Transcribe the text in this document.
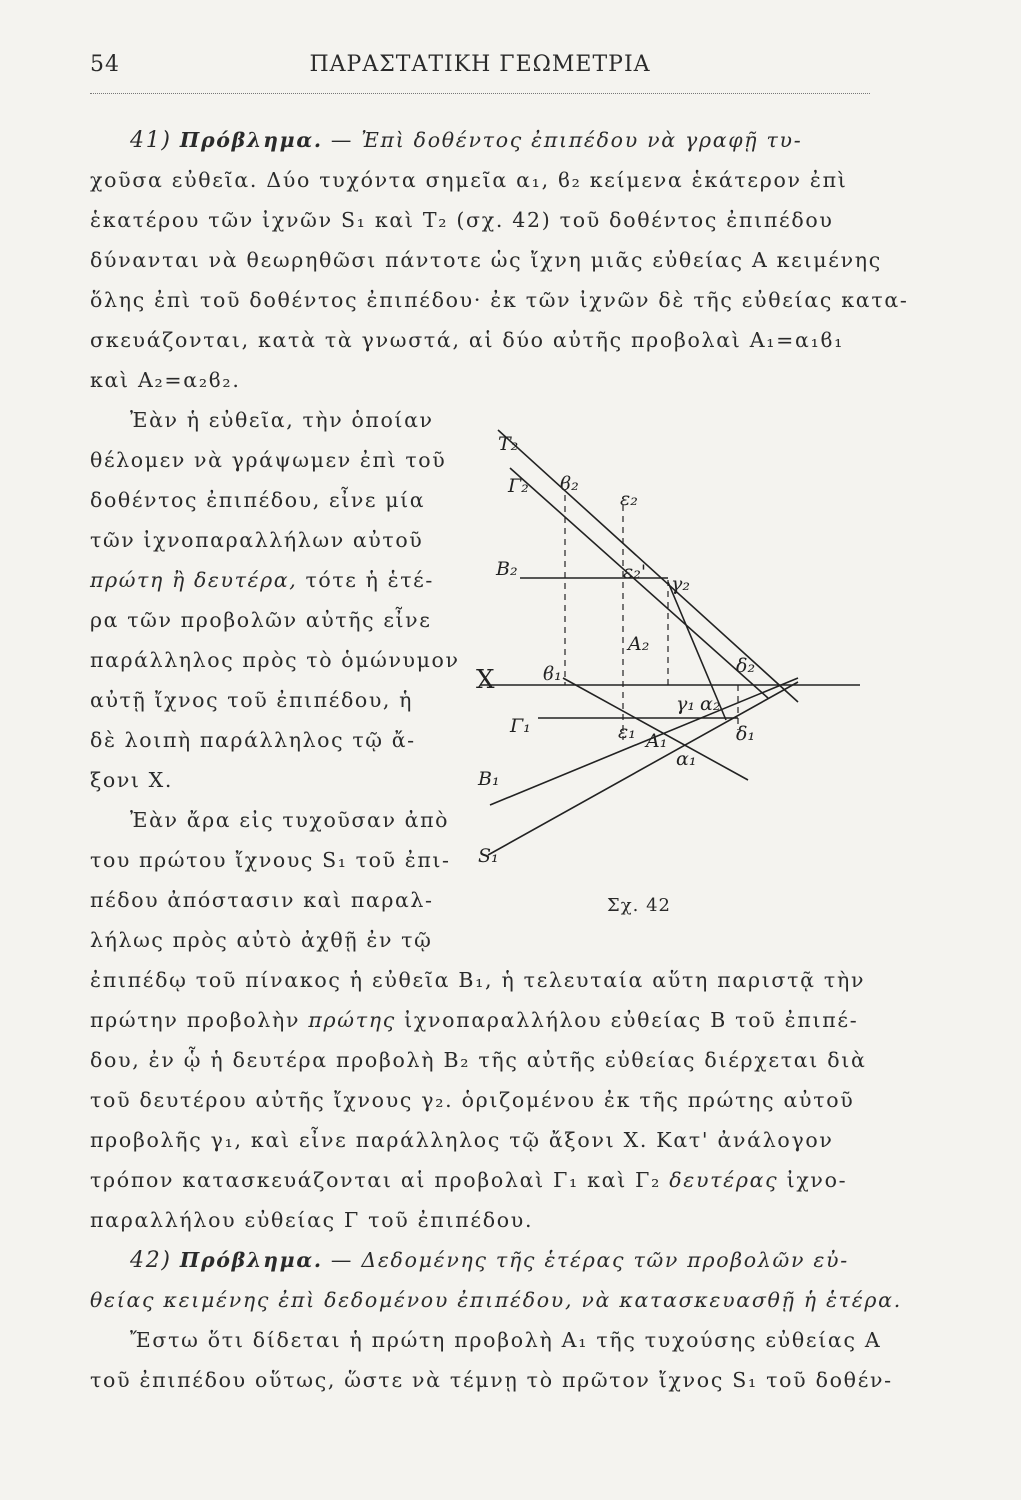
54	ΠΑΡΑΣΤΑΤΙΚΗ ΓΕΩΜΕΤΡΙΑ
41) Πρόβλημα. — Ἐπὶ δοθέντος ἐπιπέδου νὰ γραφῇ τυ-
χοῦσα εὐθεῖα. Δύο τυχόντα σημεῖα α₁, ϐ₂ κείμενα ἑκάτερον ἐπὶ
ἑκατέρου τῶν ἰχνῶν S₁ καὶ T₂ (σχ. 42) τοῦ δοθέντος ἐπιπέδου
δύνανται νὰ θεωρηθῶσι πάντοτε ὡς ἴχνη μιᾶς εὐθείας A κειμένης
ὅλης ἐπὶ τοῦ δοθέντος ἐπιπέδου· ἐκ τῶν ἰχνῶν δὲ τῆς εὐθείας κατα-
σκευάζονται, κατὰ τὰ γνωστά, αἱ δύο αὐτῆς προβολαὶ A₁=α₁ϐ₁
καὶ A₂=α₂ϐ₂.
Ἐὰν ἡ εὐθεῖα, τὴν ὁποίαν
θέλομεν νὰ γράψωμεν ἐπὶ τοῦ
δοθέντος ἐπιπέδου, εἶνε μία
τῶν ἰχνοπαραλλήλων αὐτοῦ
πρώτη ἢ δευτέρα, τότε ἡ ἑτέ-
ρα τῶν προβολῶν αὐτῆς εἶνε
παράλληλος πρὸς τὸ ὁμώνυμον
αὐτῇ ἴχνος τοῦ ἐπιπέδου, ἡ
δὲ λοιπὴ παράλληλος τῷ ἄ-
ξονι X.
Ἐὰν ἄρα εἰς τυχοῦσαν ἀπὸ
του πρώτου ἴχνους S₁ τοῦ ἐπι-
πέδου ἀπόστασιν καὶ παραλ-
λήλως πρὸς αὐτὸ ἀχθῇ ἐν τῷ
ἐπιπέδῳ τοῦ πίνακος ἡ εὐθεῖα B₁, ἡ τελευταία αὕτη παριστᾷ τὴν
πρώτην προβολὴν πρώτης ἰχνοπαραλλήλου εὐθείας B τοῦ ἐπιπέ-
δου, ἐν ᾧ ἡ δευτέρα προβολὴ B₂ τῆς αὐτῆς εὐθείας διέρχεται διὰ
τοῦ δευτέρου αὐτῆς ἴχνους γ₂. ὁριζομένου ἐκ τῆς πρώτης αὐτοῦ
προβολῆς γ₁, καὶ εἶνε παράλληλος τῷ ἄξονι X. Κατ' ἀνάλογον
τρόπον κατασκευάζονται αἱ προβολαὶ Γ₁ καὶ Γ₂ δευτέρας ἰχνο-
παραλλήλου εὐθείας Γ τοῦ ἐπιπέδου.
42) Πρόβλημα. — Δεδομένης τῆς ἑτέρας τῶν προβολῶν εὐ-
θείας κειμένης ἐπὶ δεδομένου ἐπιπέδου, νὰ κατασκευασθῇ ἡ ἑτέρα.
Ἔστω ὅτι δίδεται ἡ πρώτη προβολὴ A₁ τῆς τυχούσης εὐθείας A
τοῦ ἐπιπέδου οὕτως, ὥστε νὰ τέμνῃ τὸ πρῶτον ἴχνος S₁ τοῦ δοθέν-
T₂
Γ₂ ϐ₂
ε₂
B₂	ε₂'
γ₂
A₂
X	ϐ₁	δ₂
α₂
γ₁
Γ₁	ε₁ A₁	δ₁
α₁
B₁
S₁
Σχ. 42
